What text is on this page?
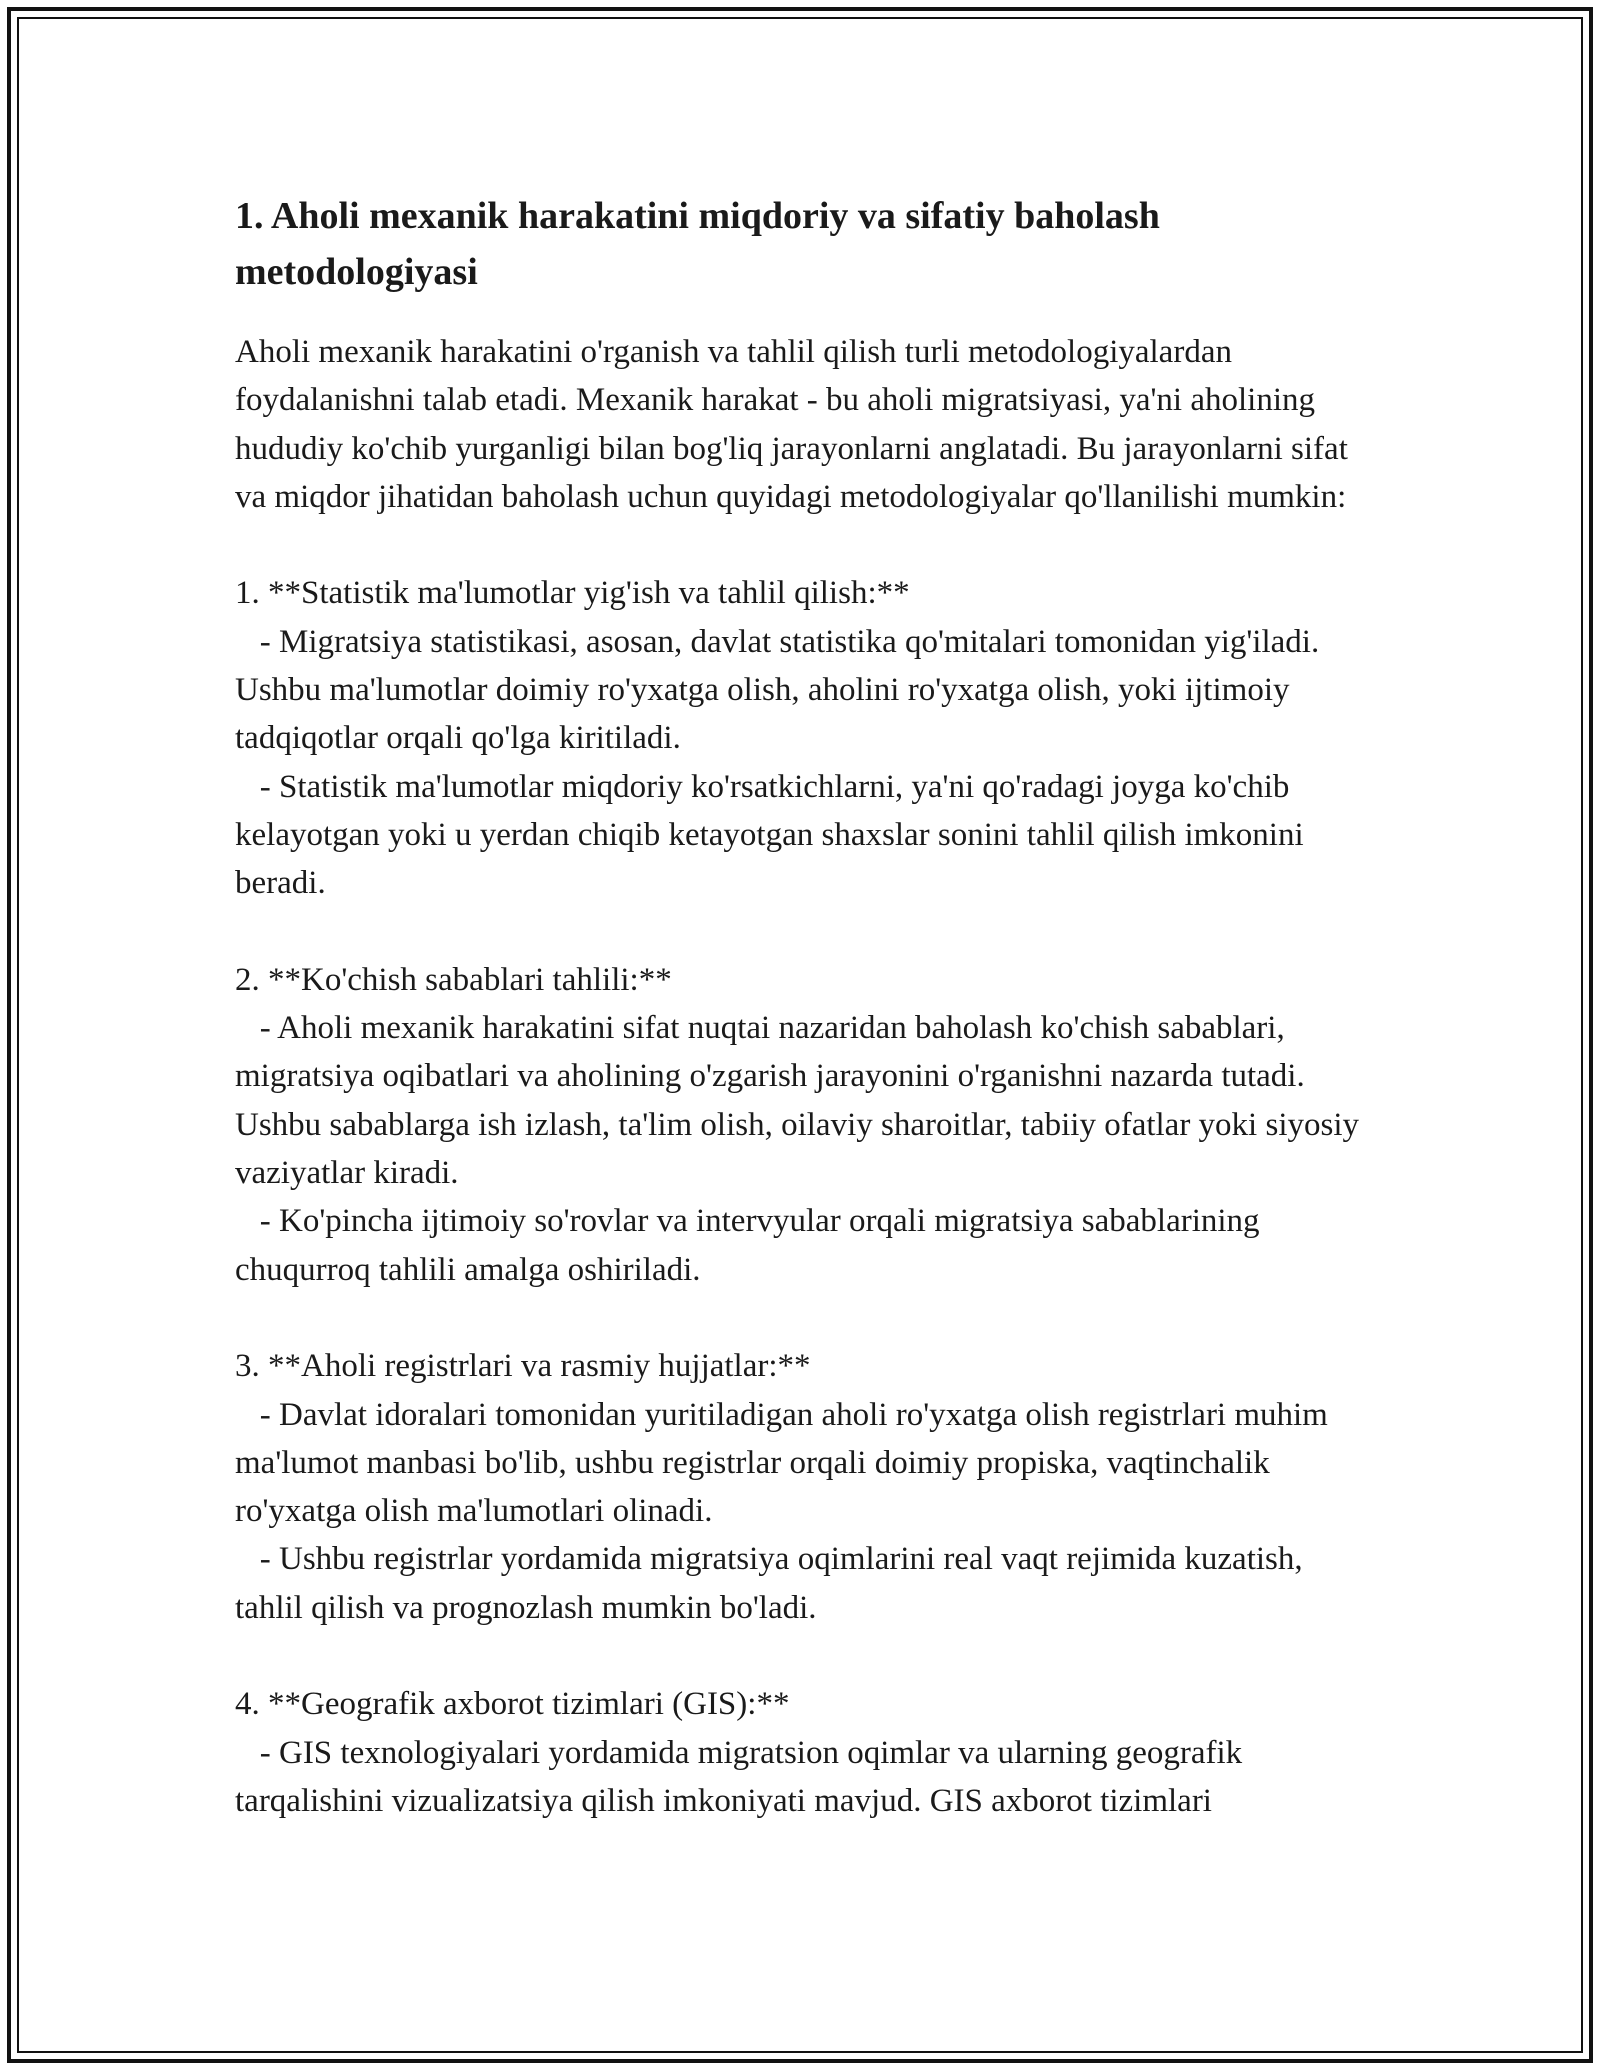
1. Aholi mexanik harakatini miqdoriy va sifatiy baholash metodologiyasi
Aholi mexanik harakatini o'rganish va tahlil qilish turli metodologiyalardan foydalanishni talab etadi. Mexanik harakat - bu aholi migratsiyasi, ya'ni aholining hududiy ko'chib yurganligi bilan bog'liq jarayonlarni anglatadi. Bu jarayonlarni sifat va miqdor jihatidan baholash uchun quyidagi metodologiyalar qo'llanilishi mumkin:

1. **Statistik ma'lumotlar yig'ish va tahlil qilish:**
- Migratsiya statistikasi, asosan, davlat statistika qo'mitalari tomonidan yig'iladi. Ushbu ma'lumotlar doimiy ro'yxatga olish, aholini ro'yxatga olish, yoki ijtimoiy tadqiqotlar orqali qo'lga kiritiladi.
- Statistik ma'lumotlar miqdoriy ko'rsatkichlarni, ya'ni qo'radagi joyga ko'chib kelayotgan yoki u yerdan chiqib ketayotgan shaxslar sonini tahlil qilish imkonini beradi.

2. **Ko'chish sabablari tahlili:**
- Aholi mexanik harakatini sifat nuqtai nazaridan baholash ko'chish sabablari, migratsiya oqibatlari va aholining o'zgarish jarayonini o'rganishni nazarda tutadi. Ushbu sabablarga ish izlash, ta'lim olish, oilaviy sharoitlar, tabiiy ofatlar yoki siyosiy vaziyatlar kiradi.
- Ko'pincha ijtimoiy so'rovlar va intervyular orqali migratsiya sabablarining chuqurroq tahlili amalga oshiriladi.

3. **Aholi registrlari va rasmiy hujjatlar:**
- Davlat idoralari tomonidan yuritiladigan aholi ro'yxatga olish registrlari muhim ma'lumot manbasi bo'lib, ushbu registrlar orqali doimiy propiska, vaqtinchalik ro'yxatga olish ma'lumotlari olinadi.
- Ushbu registrlar yordamida migratsiya oqimlarini real vaqt rejimida kuzatish, tahlil qilish va prognozlash mumkin bo'ladi.

4. **Geografik axborot tizimlari (GIS):**
- GIS texnologiyalari yordamida migratsion oqimlar va ularning geografik tarqalishini vizualizatsiya qilish imkoniyati mavjud. GIS axborot tizimlari
